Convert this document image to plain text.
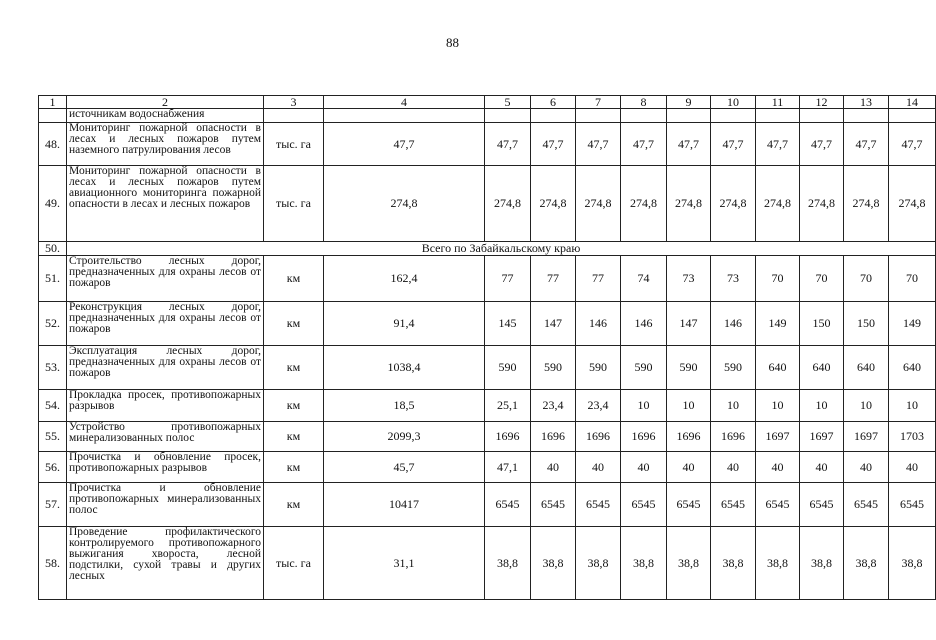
88
1	2	3	4	5	6	7	8	9	10	11	12	13	14
	источникам водоснабжения												
48.	Мониторинг пожарной опасности в лесах и лесных пожаров путем наземного патрулирования лесов	тыс. га	47,7	47,7	47,7	47,7	47,7	47,7	47,7	47,7	47,7	47,7	47,7
49.	Мониторинг пожарной опасности в лесах и лесных пожаров путем авиационного мониторинга пожарной опасности в лесах и лесных пожаров	тыс. га	274,8	274,8	274,8	274,8	274,8	274,8	274,8	274,8	274,8	274,8	274,8
50.	Всего по Забайкальскому краю												
51.	Строительство лесных дорог, предназначенных для охраны лесов от пожаров	км	162,4	77	77	77	74	73	73	70	70	70	70
52.	Реконструкция лесных дорог, предназначенных для охраны лесов от пожаров	км	91,4	145	147	146	146	147	146	149	150	150	149
53.	Эксплуатация лесных дорог, предназначенных для охраны лесов от пожаров	км	1038,4	590	590	590	590	590	590	640	640	640	640
54.	Прокладка просек, противопожарных разрывов	км	18,5	25,1	23,4	23,4	10	10	10	10	10	10	10
55.	Устройство противопожарных минерализованных полос	км	2099,3	1696	1696	1696	1696	1696	1696	1697	1697	1697	1703
56.	Прочистка и обновление просек, противопожарных разрывов	км	45,7	47,1	40	40	40	40	40	40	40	40	40
57.	Прочистка и обновление противопожарных минерализованных полос	км	10417	6545	6545	6545	6545	6545	6545	6545	6545	6545	6545
58.	Проведение профилактического контролируемого противопожарного выжигания хвороста, лесной подстилки, сухой травы и других лесных	тыс. га	31,1	38,8	38,8	38,8	38,8	38,8	38,8	38,8	38,8	38,8	38,8
